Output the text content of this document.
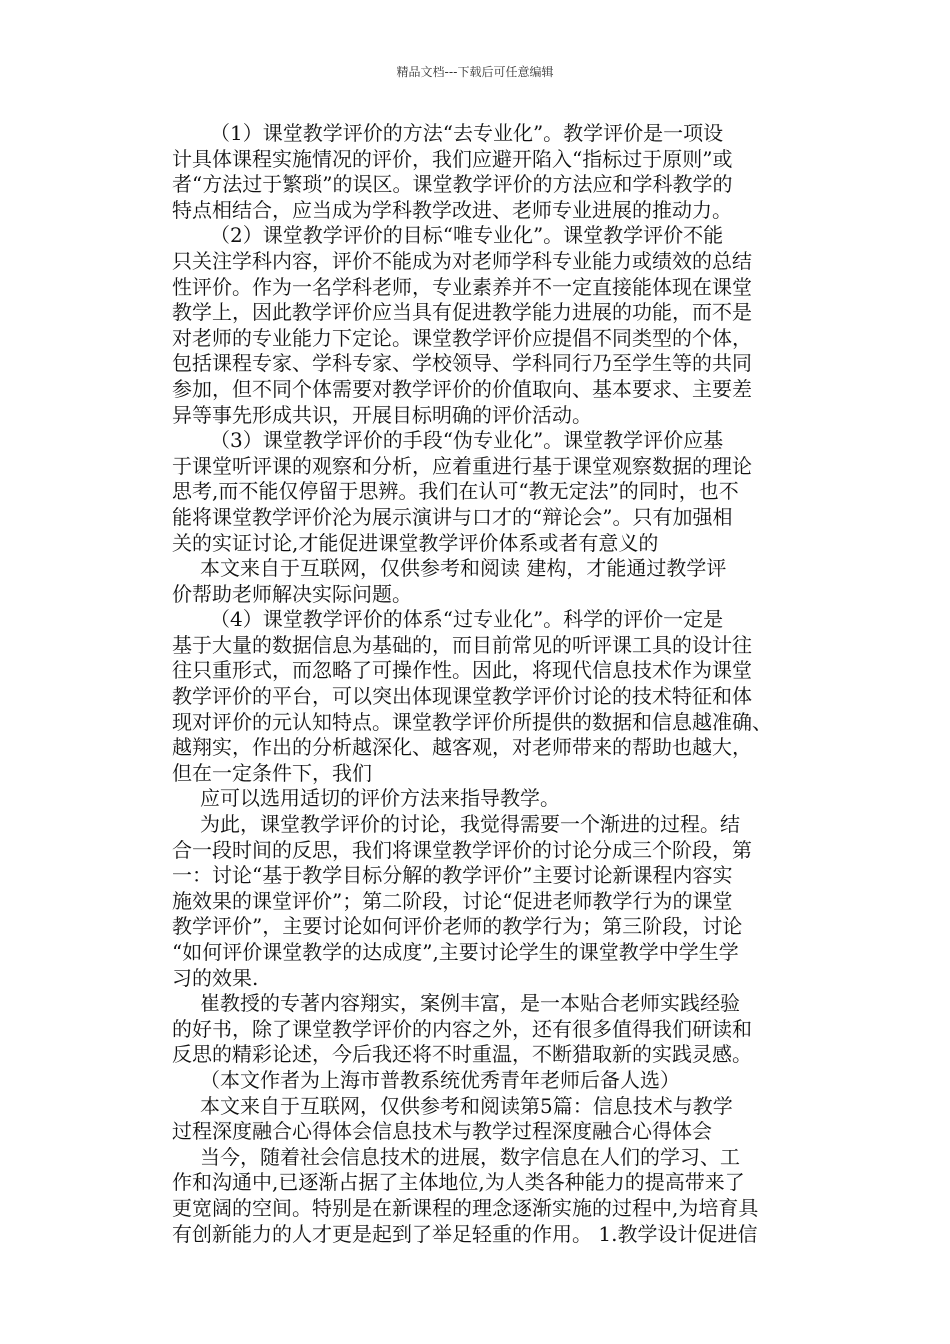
精品文档---下载后可任意编辑
（1）课堂教学评价的方法“去专业化”。教学评价是一项设
计具体课程实施情况的评价，我们应避开陷入“指标过于原则”或
者“方法过于繁琐”的误区。课堂教学评价的方法应和学科教学的
特点相结合，应当成为学科教学改进、老师专业进展的推动力。
（2）课堂教学评价的目标“唯专业化”。课堂教学评价不能
只关注学科内容，评价不能成为对老师学科专业能力或绩效的总结
性评价。作为一名学科老师，专业素养并不一定直接能体现在课堂
教学上，因此教学评价应当具有促进教学能力进展的功能，而不是
对老师的专业能力下定论。课堂教学评价应提倡不同类型的个体，
包括课程专家、学科专家、学校领导、学科同行乃至学生等的共同
参加，但不同个体需要对教学评价的价值取向、基本要求、主要差
异等事先形成共识，开展目标明确的评价活动。
（3）课堂教学评价的手段“伪专业化”。课堂教学评价应基
于课堂听评课的观察和分析，应着重进行基于课堂观察数据的理论
思考,而不能仅停留于思辨。我们在认可“教无定法”的同时，也不
能将课堂教学评价沦为展示演讲与口才的“辩论会”。只有加强相
关的实证讨论,才能促进课堂教学评价体系或者有意义的
本文来自于互联网，仅供参考和阅读 建构，才能通过教学评
价帮助老师解决实际问题。
（4）课堂教学评价的体系“过专业化”。科学的评价一定是
基于大量的数据信息为基础的，而目前常见的听评课工具的设计往
往只重形式，而忽略了可操作性。因此，将现代信息技术作为课堂
教学评价的平台，可以突出体现课堂教学评价讨论的技术特征和体
现对评价的元认知特点。课堂教学评价所提供的数据和信息越准确、
越翔实，作出的分析越深化、越客观，对老师带来的帮助也越大，
但在一定条件下，我们
应可以选用适切的评价方法来指导教学。
为此，课堂教学评价的讨论，我觉得需要一个渐进的过程。结
合一段时间的反思，我们将课堂教学评价的讨论分成三个阶段，第
一：讨论“基于教学目标分解的教学评价”主要讨论新课程内容实
施效果的课堂评价”；第二阶段，讨论“促进老师教学行为的课堂
教学评价”，主要讨论如何评价老师的教学行为；第三阶段，讨论
“如何评价课堂教学的达成度”,主要讨论学生的课堂教学中学生学
习的效果.
崔教授的专著内容翔实，案例丰富，是一本贴合老师实践经验
的好书，除了课堂教学评价的内容之外，还有很多值得我们研读和
反思的精彩论述，今后我还将不时重温，不断猎取新的实践灵感。
（本文作者为上海市普教系统优秀青年老师后备人选）
本文来自于互联网，仅供参考和阅读第5篇：信息技术与教学
过程深度融合心得体会信息技术与教学过程深度融合心得体会
当今，随着社会信息技术的进展，数字信息在人们的学习、工
作和沟通中,已逐渐占据了主体地位,为人类各种能力的提高带来了
更宽阔的空间。特别是在新课程的理念逐渐实施的过程中,为培育具
有创新能力的人才更是起到了举足轻重的作用。 1.教学设计促进信
